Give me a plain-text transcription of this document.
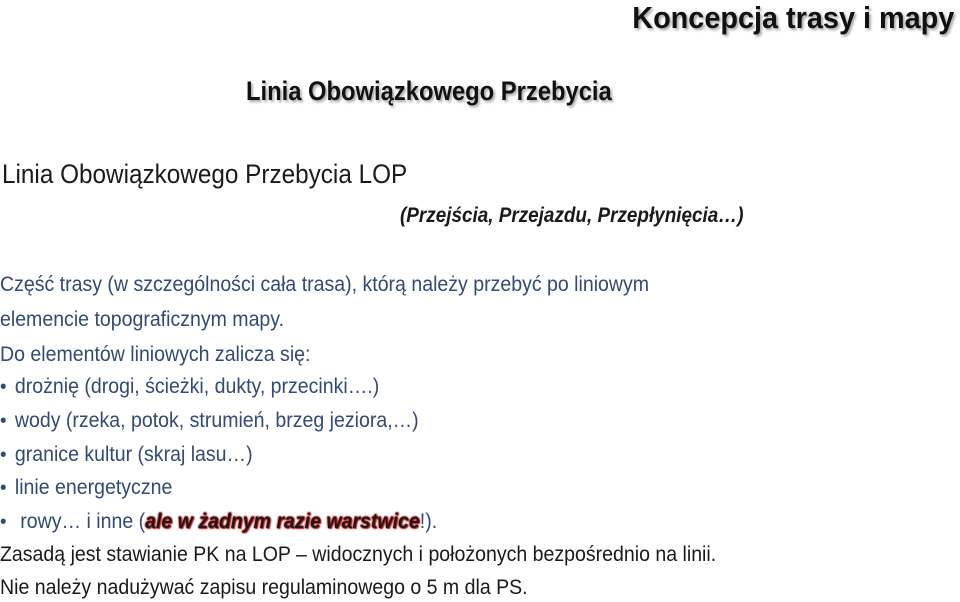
Koncepcja trasy i mapy
Linia Obowiązkowego Przebycia
Linia Obowiązkowego Przebycia LOP
(Przejścia, Przejazdu, Przepłynięcia…)
Część trasy (w szczególności cała trasa), którą należy przebyć po liniowym
elemencie topograficznym mapy.
Do elementów liniowych zalicza się:
• drożnię (drogi, ścieżki, dukty, przecinki….)
• wody (rzeka, potok, strumień, brzeg jeziora,…)
• granice kultur (skraj lasu…)
• linie energetyczne
• rowy… i inne (ale w żadnym razie warstwice!).
Zasadą jest stawianie PK na LOP – widocznych i położonych bezpośrednio na linii.
Nie należy nadużywać zapisu regulaminowego o 5 m dla PS.
